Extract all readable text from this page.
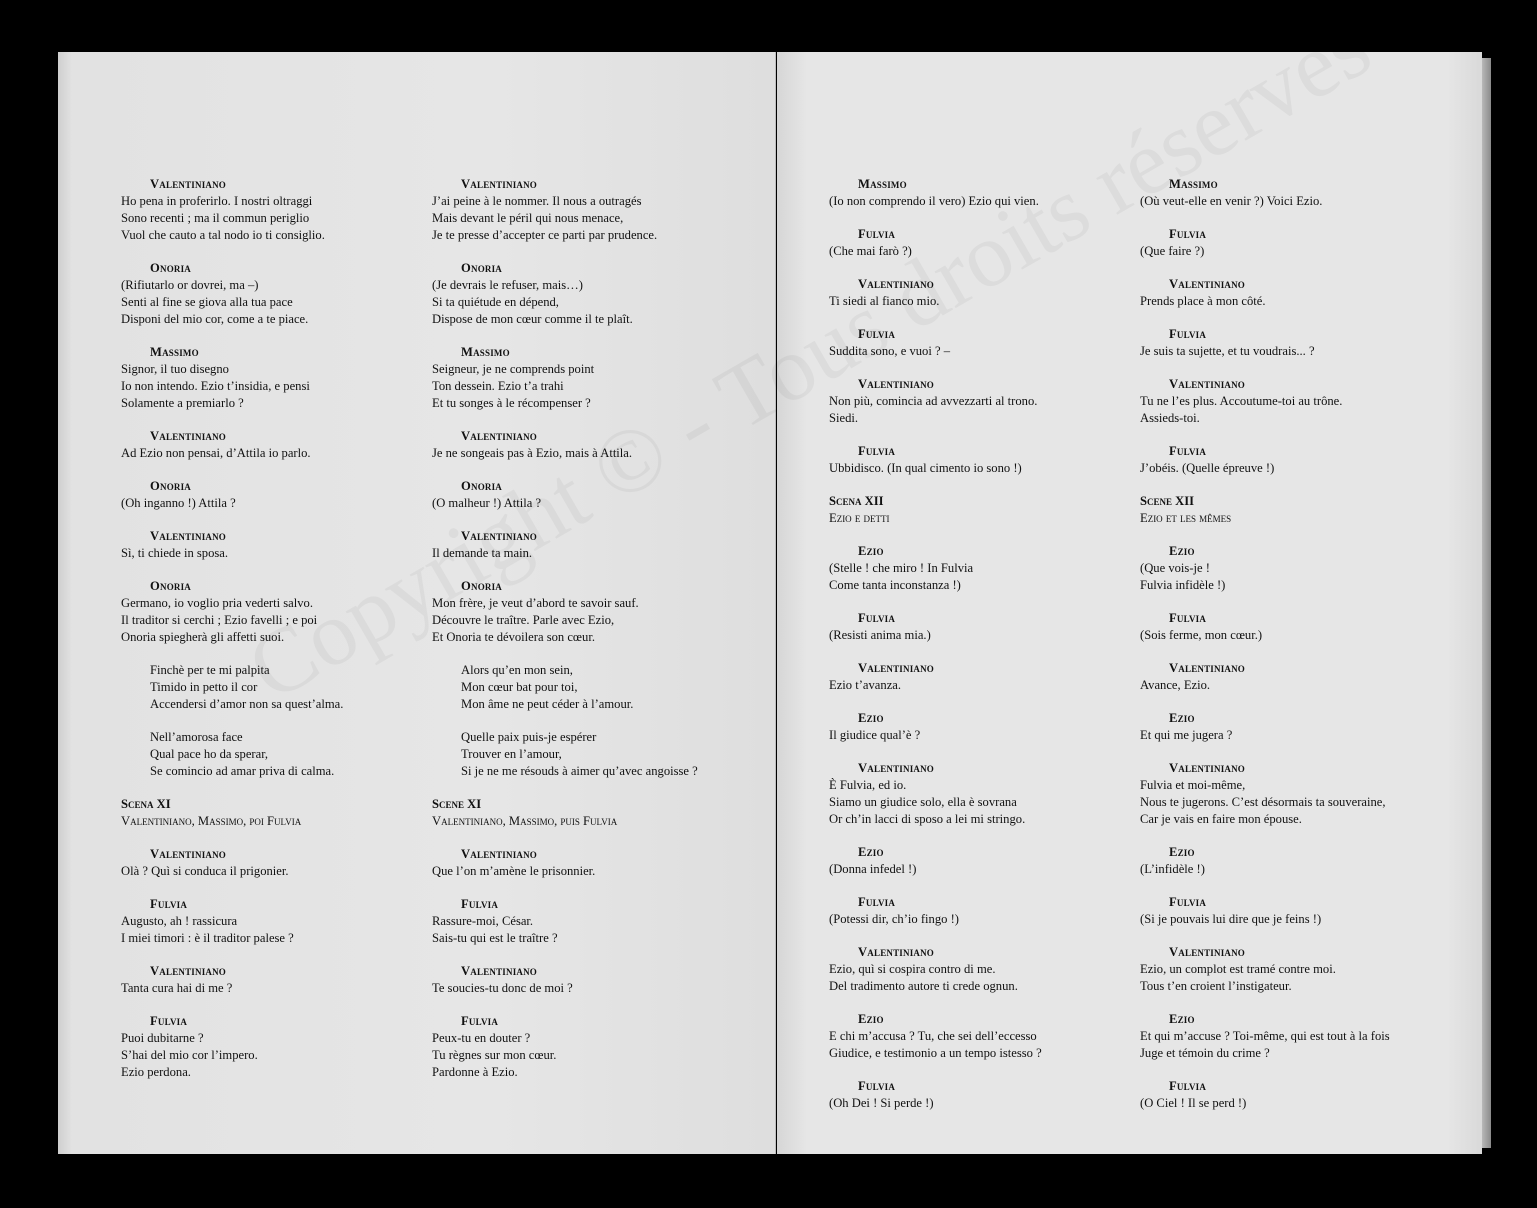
Valentiniano
Ho pena in proferirlo. I nostri oltraggi
Sono recenti ; ma il commun periglio
Vuol che cauto a tal nodo io ti consiglio.
Onoria
(Rifiutarlo or dovrei, ma –)
Senti al fine se giova alla tua pace
Disponi del mio cor, come a te piace.
Massimo
Signor, il tuo disegno
Io non intendo. Ezio t’insidia, e pensi
Solamente a premiarlo ?
Valentiniano
Ad Ezio non pensai, d’Attila io parlo.
Onoria
(Oh inganno !) Attila ?
Valentiniano
Sì, ti chiede in sposa.
Onoria
Germano, io voglio pria vederti salvo.
Il traditor si cerchi ; Ezio favelli ; e poi
Onoria spiegherà gli affetti suoi.
Finchè per te mi palpita
Timido in petto il cor
Accendersi d’amor non sa quest’alma.
Nell’amorosa face
Qual pace ho da sperar,
Se comincio ad amar priva di calma.
Scena XI
Valentiniano, Massimo, poi Fulvia
Valentiniano
Olà ? Quì si conduca il prigonier.
Fulvia
Augusto, ah ! rassicura
I miei timori : è il traditor palese ?
Valentiniano
Tanta cura hai di me ?
Fulvia
Puoi dubitarne ?
S’hai del mio cor l’impero.
Ezio perdona.
Valentiniano
J’ai peine à le nommer. Il nous a outragés
Mais devant le péril qui nous menace,
Je te presse d’accepter ce parti par prudence.
Onoria
(Je devrais le refuser, mais…)
Si ta quiétude en dépend,
Dispose de mon cœur comme il te plaît.
Massimo
Seigneur, je ne comprends point
Ton dessein. Ezio t’a trahi
Et tu songes à le récompenser ?
Valentiniano
Je ne songeais pas à Ezio, mais à Attila.
Onoria
(O malheur !) Attila ?
Valentiniano
Il demande ta main.
Onoria
Mon frère, je veut d’abord te savoir sauf.
Découvre le traître. Parle avec Ezio,
Et Onoria te dévoilera son cœur.
Alors qu’en mon sein,
Mon cœur bat pour toi,
Mon âme ne peut céder à l’amour.
Quelle paix puis-je espérer
Trouver en l’amour,
Si je ne me résouds à aimer qu’avec angoisse ?
Scene XI
Valentiniano, Massimo, puis Fulvia
Valentiniano
Que l’on m’amène le prisonnier.
Fulvia
Rassure-moi, César.
Sais-tu qui est le traître ?
Valentiniano
Te soucies-tu donc de moi ?
Fulvia
Peux-tu en douter ?
Tu règnes sur mon cœur.
Pardonne à Ezio.
Massimo
(Io non comprendo il vero) Ezio qui vien.
Fulvia
(Che mai farò ?)
Valentiniano
Ti siedi al fianco mio.
Fulvia
Suddita sono, e vuoi ? –
Valentiniano
Non più, comincia ad avvezzarti al trono.
Siedi.
Fulvia
Ubbidisco. (In qual cimento io sono !)
Scena XII
Ezio e detti
Ezio
(Stelle ! che miro ! In Fulvia
Come tanta inconstanza !)
Fulvia
(Resisti anima mia.)
Valentiniano
Ezio t’avanza.
Ezio
Il giudice qual’è ?
Valentiniano
È Fulvia, ed io.
Siamo un giudice solo, ella è sovrana
Or ch’in lacci di sposo a lei mi stringo.
Ezio
(Donna infedel !)
Fulvia
(Potessi dir, ch’io fingo !)
Valentiniano
Ezio, quì si cospira contro di me.
Del tradimento autore ti crede ognun.
Ezio
E chi m’accusa ? Tu, che sei dell’eccesso
Giudice, e testimonio a un tempo istesso ?
Fulvia
(Oh Dei ! Si perde !)
Massimo
(Où veut-elle en venir ?) Voici Ezio.
Fulvia
(Que faire ?)
Valentiniano
Prends place à mon côté.
Fulvia
Je suis ta sujette, et tu voudrais... ?
Valentiniano
Tu ne l’es plus. Accoutume-toi au trône.
Assieds-toi.
Fulvia
J’obéis. (Quelle épreuve !)
Scene XII
Ezio et les mêmes
Ezio
(Que vois-je !
Fulvia infidèle !)
Fulvia
(Sois ferme, mon cœur.)
Valentiniano
Avance, Ezio.
Ezio
Et qui me jugera ?
Valentiniano
Fulvia et moi-même,
Nous te jugerons. C’est désormais ta souveraine,
Car je vais en faire mon épouse.
Ezio
(L’infidèle !)
Fulvia
(Si je pouvais lui dire que je feins !)
Valentiniano
Ezio, un complot est tramé contre moi.
Tous t’en croient l’instigateur.
Ezio
Et qui m’accuse ? Toi-même, qui est tout à la fois
Juge et témoin du crime ?
Fulvia
(O Ciel ! Il se perd !)
